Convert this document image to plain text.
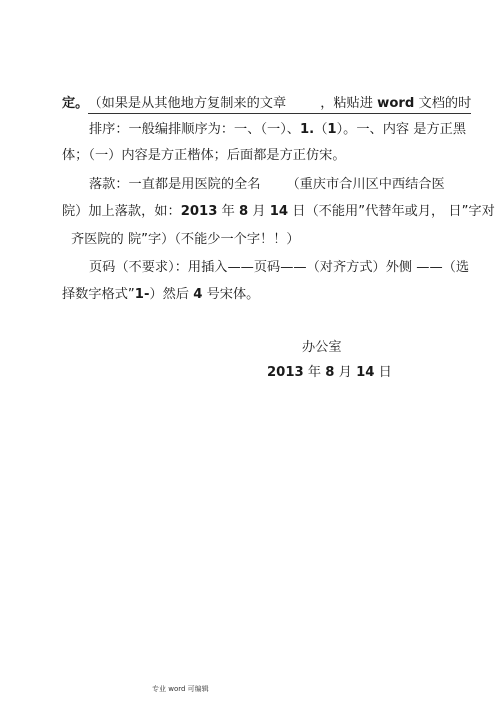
定。（如果是从其他地方复制来的文章	，粘贴进 word 文档的时
排序：一般编排顺序为：一、（一）、1.（1）。一、内容 是方正黑
体；（一）内容是方正楷体；后面都是方正仿宋。
落款：一直都是用医院的全名 （重庆市合川区中西结合医
院）加上落款，如：2013 年 8 月 14 日（不能用”代替年或月， 日”字对
齐医院的 院”字）（不能少一个字！！）
页码（不要求）：用插入——页码——（对齐方式）外侧 ——（选
择数字格式”1-）然后 4 号宋体。
办公室
2013 年 8 月 14 日
专业 word 可编辑
